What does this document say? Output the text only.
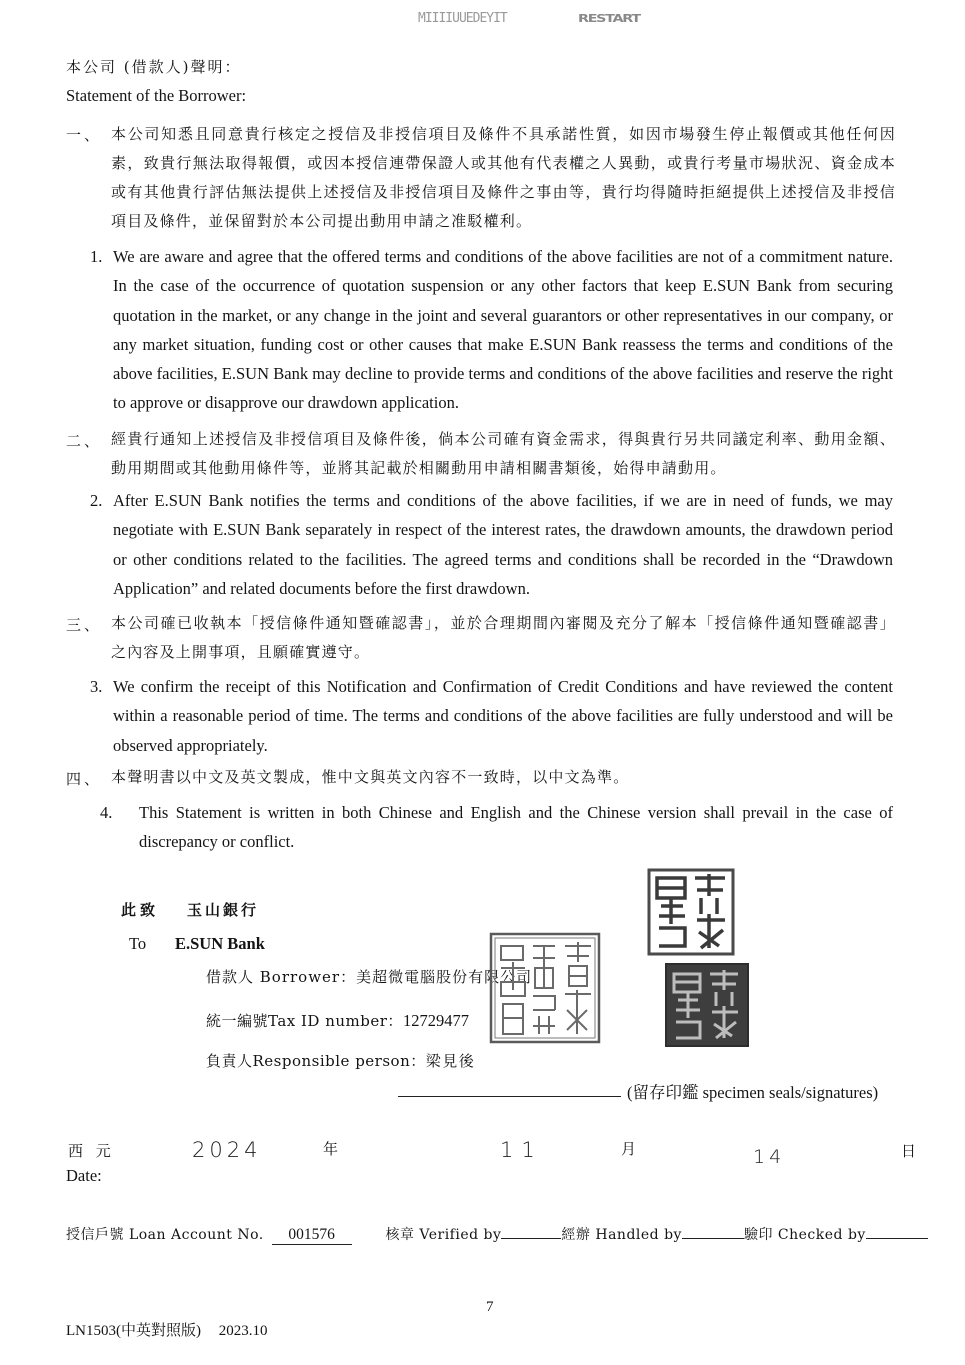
MIIIIUUEDEYIT	RESTART
本公司 (借款人)聲明：
Statement of the Borrower:
一、 本公司知悉且同意貴行核定之授信及非授信項目及條件不具承諾性質，如因市場發生停止報價或其他任何因素，致貴行無法取得報價，或因本授信連帶保證人或其他有代表權之人異動，或貴行考量市場狀況、資金成本或有其他貴行評估無法提供上述授信及非授信項目及條件之事由等，貴行均得隨時拒絕提供上述授信及非授信項目及條件，並保留對於本公司提出動用申請之准駁權利。
1. We are aware and agree that the offered terms and conditions of the above facilities are not of a commitment nature. In the case of the occurrence of quotation suspension or any other factors that keep E.SUN Bank from securing quotation in the market, or any change in the joint and several guarantors or other representatives in our company, or any market situation, funding cost or other causes that make E.SUN Bank reassess the terms and conditions of the above facilities, E.SUN Bank may decline to provide terms and conditions of the above facilities and reserve the right to approve or disapprove our drawdown application.
二、 經貴行通知上述授信及非授信項目及條件後，倘本公司確有資金需求，得與貴行另共同議定利率、動用金額、動用期間或其他動用條件等，並將其記載於相關動用申請相關書類後，始得申請動用。
2. After E.SUN Bank notifies the terms and conditions of the above facilities, if we are in need of funds, we may negotiate with E.SUN Bank separately in respect of the interest rates, the drawdown amounts, the drawdown period or other conditions related to the facilities. The agreed terms and conditions shall be recorded in the “Drawdown Application” and related documents before the first drawdown.
三、 本公司確已收執本「授信條件通知暨確認書」，並於合理期間內審閱及充分了解本「授信條件通知暨確認書」之內容及上開事項，且願確實遵守。
3. We confirm the receipt of this Notification and Confirmation of Credit Conditions and have reviewed the content within a reasonable period of time. The terms and conditions of the above facilities are fully understood and will be observed appropriately.
四、 本聲明書以中文及英文製成，惟中文與英文內容不一致時，以中文為準。
4. This Statement is written in both Chinese and English and the Chinese version shall prevail in the case of discrepancy or conflict.
此致 玉山銀行
To E.SUN Bank
借款人 Borrower：美超微電腦股份有限公司
統一編號Tax ID number：12729477
負責人Responsible person：梁見後
(留存印鑑 specimen seals/signatures)
西 元	2024	年	11	月	14	日
Date:
授信戶號 Loan Account No. 001576	核章 Verified by	經辦 Handled by	驗印 Checked by
7
LN1503(中英對照版) 2023.10
